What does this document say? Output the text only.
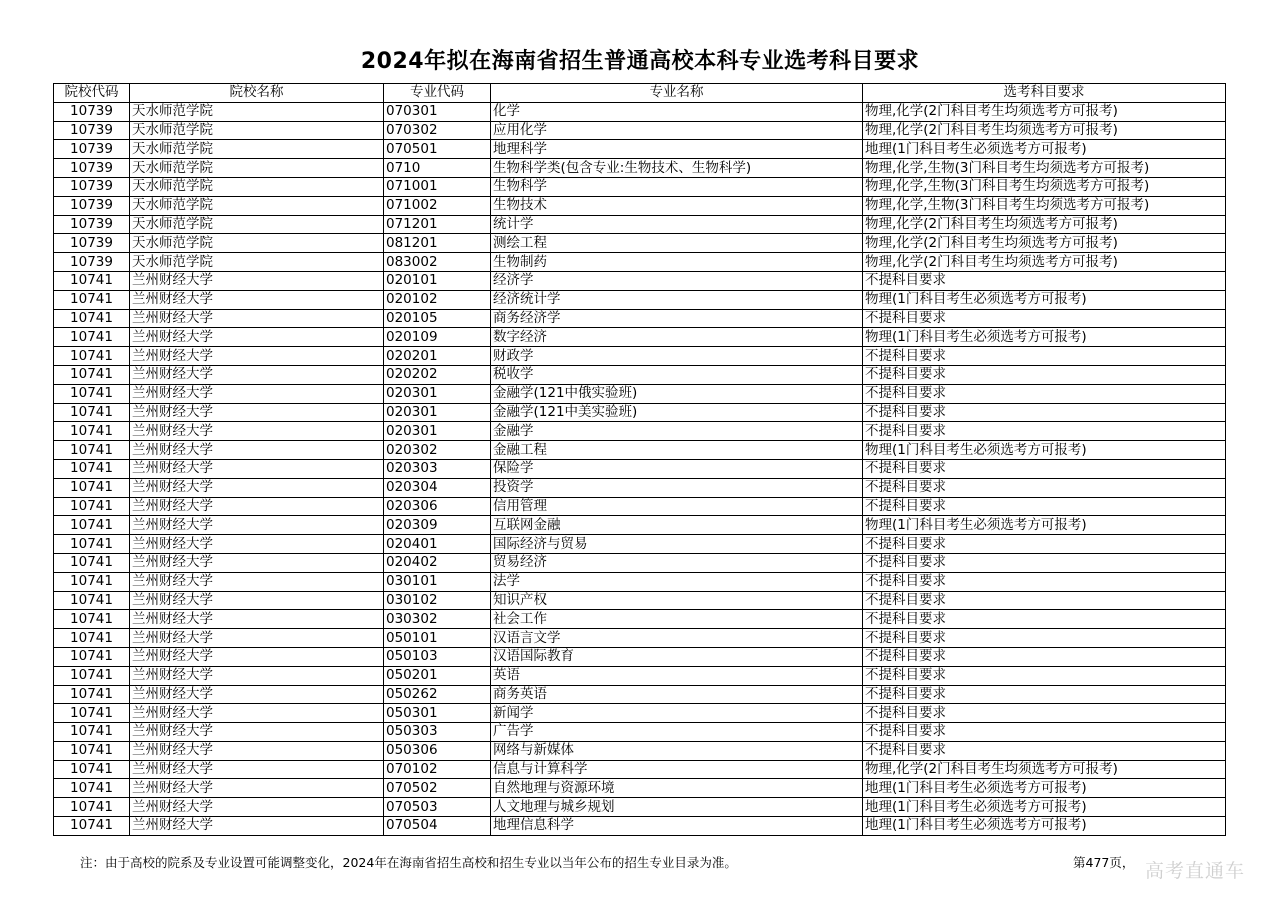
2024年拟在海南省招生普通高校本科专业选考科目要求
院校代码	院校名称	专业代码	专业名称	选考科目要求
10739	天水师范学院	070301	化学	物理,化学(2门科目考生均须选考方可报考)
10739	天水师范学院	070302	应用化学	物理,化学(2门科目考生均须选考方可报考)
10739	天水师范学院	070501	地理科学	地理(1门科目考生必须选考方可报考)
10739	天水师范学院	0710	生物科学类(包含专业:生物技术、生物科学)	物理,化学,生物(3门科目考生均须选考方可报考)
10739	天水师范学院	071001	生物科学	物理,化学,生物(3门科目考生均须选考方可报考)
10739	天水师范学院	071002	生物技术	物理,化学,生物(3门科目考生均须选考方可报考)
10739	天水师范学院	071201	统计学	物理,化学(2门科目考生均须选考方可报考)
10739	天水师范学院	081201	测绘工程	物理,化学(2门科目考生均须选考方可报考)
10739	天水师范学院	083002	生物制药	物理,化学(2门科目考生均须选考方可报考)
10741	兰州财经大学	020101	经济学	不提科目要求
10741	兰州财经大学	020102	经济统计学	物理(1门科目考生必须选考方可报考)
10741	兰州财经大学	020105	商务经济学	不提科目要求
10741	兰州财经大学	020109	数字经济	物理(1门科目考生必须选考方可报考)
10741	兰州财经大学	020201	财政学	不提科目要求
10741	兰州财经大学	020202	税收学	不提科目要求
10741	兰州财经大学	020301	金融学(121中俄实验班)	不提科目要求
10741	兰州财经大学	020301	金融学(121中美实验班)	不提科目要求
10741	兰州财经大学	020301	金融学	不提科目要求
10741	兰州财经大学	020302	金融工程	物理(1门科目考生必须选考方可报考)
10741	兰州财经大学	020303	保险学	不提科目要求
10741	兰州财经大学	020304	投资学	不提科目要求
10741	兰州财经大学	020306	信用管理	不提科目要求
10741	兰州财经大学	020309	互联网金融	物理(1门科目考生必须选考方可报考)
10741	兰州财经大学	020401	国际经济与贸易	不提科目要求
10741	兰州财经大学	020402	贸易经济	不提科目要求
10741	兰州财经大学	030101	法学	不提科目要求
10741	兰州财经大学	030102	知识产权	不提科目要求
10741	兰州财经大学	030302	社会工作	不提科目要求
10741	兰州财经大学	050101	汉语言文学	不提科目要求
10741	兰州财经大学	050103	汉语国际教育	不提科目要求
10741	兰州财经大学	050201	英语	不提科目要求
10741	兰州财经大学	050262	商务英语	不提科目要求
10741	兰州财经大学	050301	新闻学	不提科目要求
10741	兰州财经大学	050303	广告学	不提科目要求
10741	兰州财经大学	050306	网络与新媒体	不提科目要求
10741	兰州财经大学	070102	信息与计算科学	物理,化学(2门科目考生均须选考方可报考)
10741	兰州财经大学	070502	自然地理与资源环境	地理(1门科目考生必须选考方可报考)
10741	兰州财经大学	070503	人文地理与城乡规划	地理(1门科目考生必须选考方可报考)
10741	兰州财经大学	070504	地理信息科学	地理(1门科目考生必须选考方可报考)
注：由于高校的院系及专业设置可能调整变化，2024年在海南省招生高校和招生专业以当年公布的招生专业目录为准。	第477页， 高考直通车
